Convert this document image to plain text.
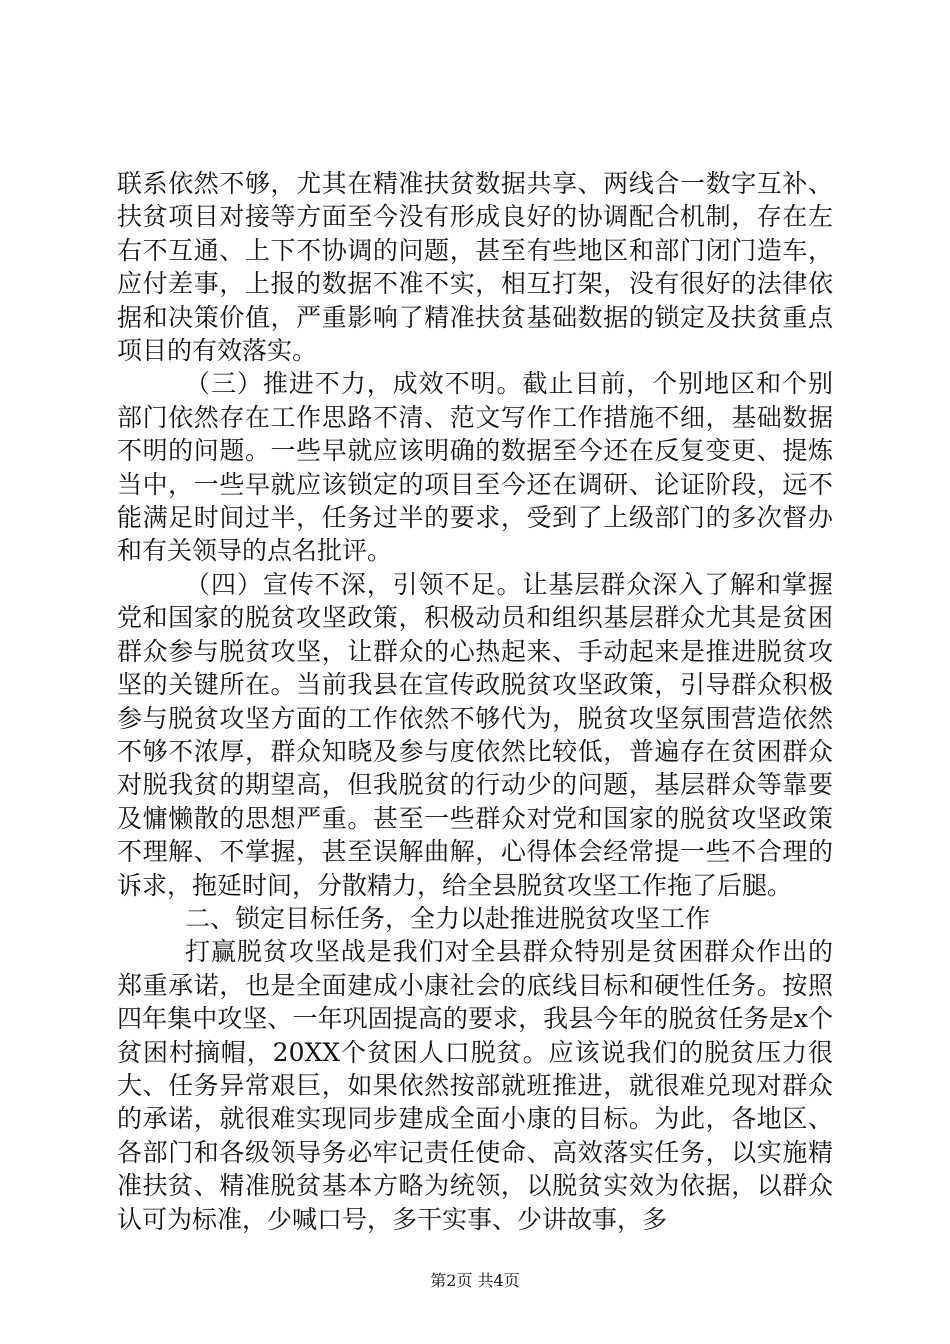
联系依然不够，尤其在精准扶贫数据共享、两线合一数字互补、扶贫项目对接等方面至今没有形成良好的协调配合机制，存在左右不互通、上下不协调的问题，甚至有些地区和部门闭门造车，应付差事，上报的数据不准不实，相互打架，没有很好的法律依据和决策价值，严重影响了精准扶贫基础数据的锁定及扶贫重点项目的有效落实。

（三）推进不力，成效不明。截止目前，个别地区和个别部门依然存在工作思路不清、范文写作工作措施不细，基础数据不明的问题。一些早就应该明确的数据至今还在反复变更、提炼当中，一些早就应该锁定的项目至今还在调研、论证阶段，远不能满足时间过半，任务过半的要求，受到了上级部门的多次督办和有关领导的点名批评。

（四）宣传不深，引领不足。让基层群众深入了解和掌握党和国家的脱贫攻坚政策，积极动员和组织基层群众尤其是贫困群众参与脱贫攻坚，让群众的心热起来、手动起来是推进脱贫攻坚的关键所在。当前我县在宣传政脱贫攻坚政策，引导群众积极参与脱贫攻坚方面的工作依然不够代为，脱贫攻坚氛围营造依然不够不浓厚，群众知晓及参与度依然比较低，普遍存在贫困群众对脱我贫的期望高，但我脱贫的行动少的问题，基层群众等靠要及慵懒散的思想严重。甚至一些群众对党和国家的脱贫攻坚政策不理解、不掌握，甚至误解曲解，心得体会经常提一些不合理的诉求，拖延时间，分散精力，给全县脱贫攻坚工作拖了后腿。

二、锁定目标任务，全力以赴推进脱贫攻坚工作

打赢脱贫攻坚战是我们对全县群众特别是贫困群众作出的郑重承诺，也是全面建成小康社会的底线目标和硬性任务。按照四年集中攻坚、一年巩固提高的要求，我县今年的脱贫任务是x个贫困村摘帽，20XX个贫困人口脱贫。应该说我们的脱贫压力很大、任务异常艰巨，如果依然按部就班推进，就很难兑现对群众的承诺，就很难实现同步建成全面小康的目标。为此，各地区、各部门和各级领导务必牢记责任使命、高效落实任务，以实施精准扶贫、精准脱贫基本方略为统领，以脱贫实效为依据，以群众认可为标准，少喊口号，多干实事、少讲故事，多

第2页 共4页
